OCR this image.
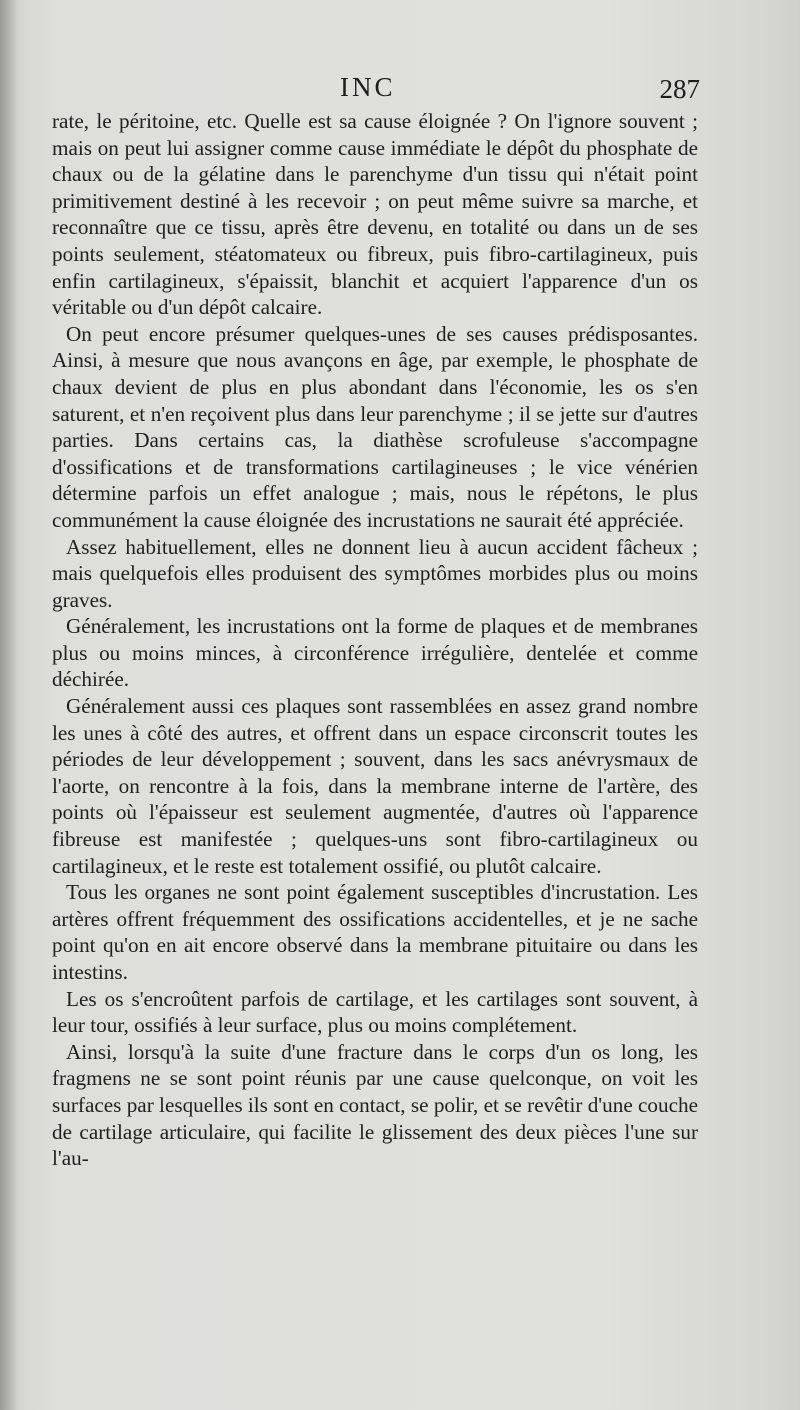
INC	287

rate, le péritoine, etc. Quelle est sa cause éloignée ? On l'ignore souvent ; mais on peut lui assigner comme cause immédiate le dépôt du phosphate de chaux ou de la gélatine dans le parenchyme d'un tissu qui n'était point primitivement destiné à les recevoir ; on peut même suivre sa marche, et reconnaître que ce tissu, après être devenu, en totalité ou dans un de ses points seulement, stéatomateux ou fibreux, puis fibro-cartilagineux, puis enfin cartilagineux, s'épaissit, blanchit et acquiert l'apparence d'un os véritable ou d'un dépôt calcaire.

On peut encore présumer quelques-unes de ses causes prédisposantes. Ainsi, à mesure que nous avançons en âge, par exemple, le phosphate de chaux devient de plus en plus abondant dans l'économie, les os s'en saturent, et n'en reçoivent plus dans leur parenchyme ; il se jette sur d'autres parties. Dans certains cas, la diathèse scrofuleuse s'accompagne d'ossifications et de transformations cartilagineuses ; le vice vénérien détermine parfois un effet analogue ; mais, nous le répétons, le plus communément la cause éloignée des incrustations ne saurait été appréciée.

Assez habituellement, elles ne donnent lieu à aucun accident fâcheux ; mais quelquefois elles produisent des symptômes morbides plus ou moins graves.

Généralement, les incrustations ont la forme de plaques et de membranes plus ou moins minces, à circonférence irrégulière, dentelée et comme déchirée.

Généralement aussi ces plaques sont rassemblées en assez grand nombre les unes à côté des autres, et offrent dans un espace circonscrit toutes les périodes de leur développement ; souvent, dans les sacs anévrysmaux de l'aorte, on rencontre à la fois, dans la membrane interne de l'artère, des points où l'épaisseur est seulement augmentée, d'autres où l'apparence fibreuse est manifestée ; quelques-uns sont fibro-cartilagineux ou cartilagineux, et le reste est totalement ossifié, ou plutôt calcaire.

Tous les organes ne sont point également susceptibles d'incrustation. Les artères offrent fréquemment des ossifications accidentelles, et je ne sache point qu'on en ait encore observé dans la membrane pituitaire ou dans les intestins.

Les os s'encroûtent parfois de cartilage, et les cartilages sont souvent, à leur tour, ossifiés à leur surface, plus ou moins complétement.

Ainsi, lorsqu'à la suite d'une fracture dans le corps d'un os long, les fragmens ne se sont point réunis par une cause quelconque, on voit les surfaces par lesquelles ils sont en contact, se polir, et se revêtir d'une couche de cartilage articulaire, qui facilite le glissement des deux pièces l'une sur l'au-
